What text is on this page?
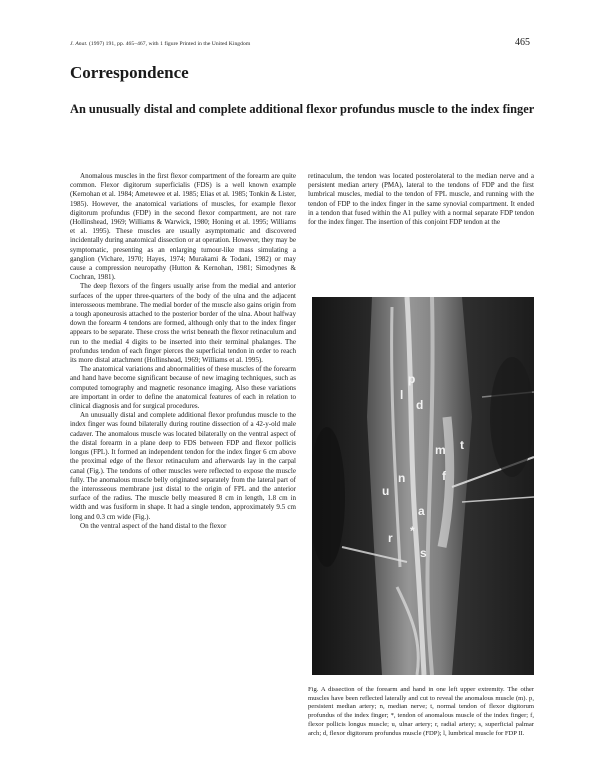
J. Anat. (1997) 191, pp. 465–467, with 1 figure Printed in the United Kingdom	465
Correspondence
An unusually distal and complete additional flexor profundus muscle to the index finger

Anomalous muscles in the first flexor compartment of the forearm are quite common. Flexor digitorum superficialis (FDS) is a well known example (Kernohan et al. 1984; Ametewee et al. 1985; Elias et al. 1985; Tonkin & Lister, 1985). However, the anatomical variations of muscles, for example flexor digitorum profundus (FDP) in the second flexor compartment, are not rare (Hollinshead, 1969; Williams & Warwick, 1980; Honing et al. 1995; Williams et al. 1995). These muscles are usually asymptomatic and discovered incidentally during anatomical dissection or at operation. However, they may be symptomatic, presenting as an enlarging tumour-like mass simulating a ganglion (Vichare, 1970; Hayes, 1974; Murakami & Todani, 1982) or may cause a compression neuropathy (Hutton & Kernohan, 1981; Simodynes & Cochran, 1981).

The deep flexors of the fingers usually arise from the medial and anterior surfaces of the upper three-quarters of the body of the ulna and the adjacent interosseous membrane. The medial border of the muscle also gains origin from a tough aponeurosis attached to the posterior border of the ulna. About halfway down the forearm 4 tendons are formed, although only that to the index finger appears to be separate. These cross the wrist beneath the flexor retinaculum and run to the medial 4 digits to be inserted into their terminal phalanges. The profundus tendon of each finger pierces the superficial tendon in order to reach its more distal attachment (Hollinshead, 1969; Williams et al. 1995).

The anatomical variations and abnormalities of these muscles of the forearm and hand have become significant because of new imaging techniques, such as computed tomography and magnetic resonance imaging. Also these variations are important in order to define the anatomical features of each in relation to clinical diagnosis and for surgical procedures.

An unusually distal and complete additional flexor profundus muscle to the index finger was found bilaterally during routine dissection of a 42-y-old male cadaver. The anomalous muscle was located bilaterally on the ventral aspect of the distal forearm in a plane deep to FDS between FDP and flexor pollicis longus (FPL). It formed an independent tendon for the index finger 6 cm above the proximal edge of the flexor retinaculum and afterwards lay in the carpal canal (Fig.). The tendons of other muscles were reflected to expose the muscle fully. The anomalous muscle belly originated separately from the lateral part of the interosseous membrane just distal to the origin of FPL and the anterior surface of the radius. The muscle belly measured 8 cm in length, 1.8 cm in width and was fusiform in shape. It had a single tendon, approximately 9.5 cm long and 0.3 cm wide (Fig.).

On the ventral aspect of the hand distal to the flexor

retinaculum, the tendon was located posterolateral to the median nerve and a persistent median artery (PMA), lateral to the tendons of FDP and the first lumbrical muscles, medial to the tendon of FPL muscle, and running with the tendon of FDP to the index finger in the same synovial compartment. It ended in a tendon that fused within the A1 pulley with a normal separate FDP tendon for the index finger. The insertion of this conjoint FDP tendon at the

p
l
d
m t
f
n
u
a
r
s
*
Fig. A dissection of the forearm and hand in one left upper extremity. The other muscles have been reflected laterally and cut to reveal the anomalous muscle (m). p, persistent median artery; n, median nerve; t, normal tendon of flexor digitorum profundus of the index finger; *, tendon of anomalous muscle of the index finger; f, flexor pollicis longus muscle; u, ulnar artery; r, radial artery; s, superficial palmar arch; d, flexor digitorum profundus muscle (FDP); l, lumbrical muscle for FDP II.
